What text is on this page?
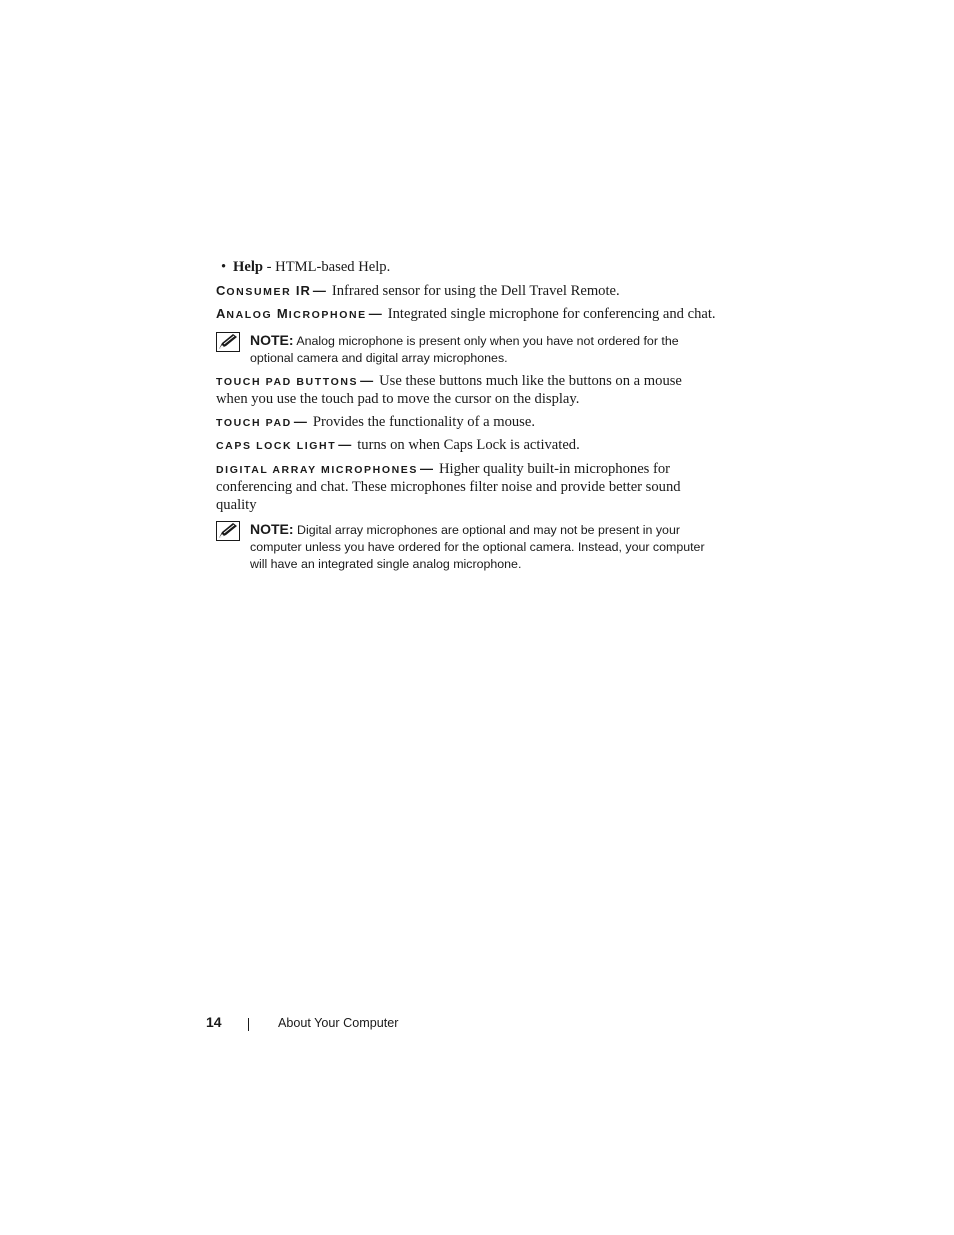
• Help - HTML-based Help.
CONSUMER IR — Infrared sensor for using the Dell Travel Remote.
ANALOG MICROPHONE — Integrated single microphone for conferencing and chat.
NOTE: Analog microphone is present only when you have not ordered for the optional camera and digital array microphones.
TOUCH PAD BUTTONS — Use these buttons much like the buttons on a mouse when you use the touch pad to move the cursor on the display.
TOUCH PAD — Provides the functionality of a mouse.
CAPS LOCK LIGHT — turns on when Caps Lock is activated.
DIGITAL ARRAY MICROPHONES — Higher quality built-in microphones for conferencing and chat. These microphones filter noise and provide better sound quality
NOTE: Digital array microphones are optional and may not be present in your computer unless you have ordered for the optional camera. Instead, your computer will have an integrated single analog microphone.
14	About Your Computer
